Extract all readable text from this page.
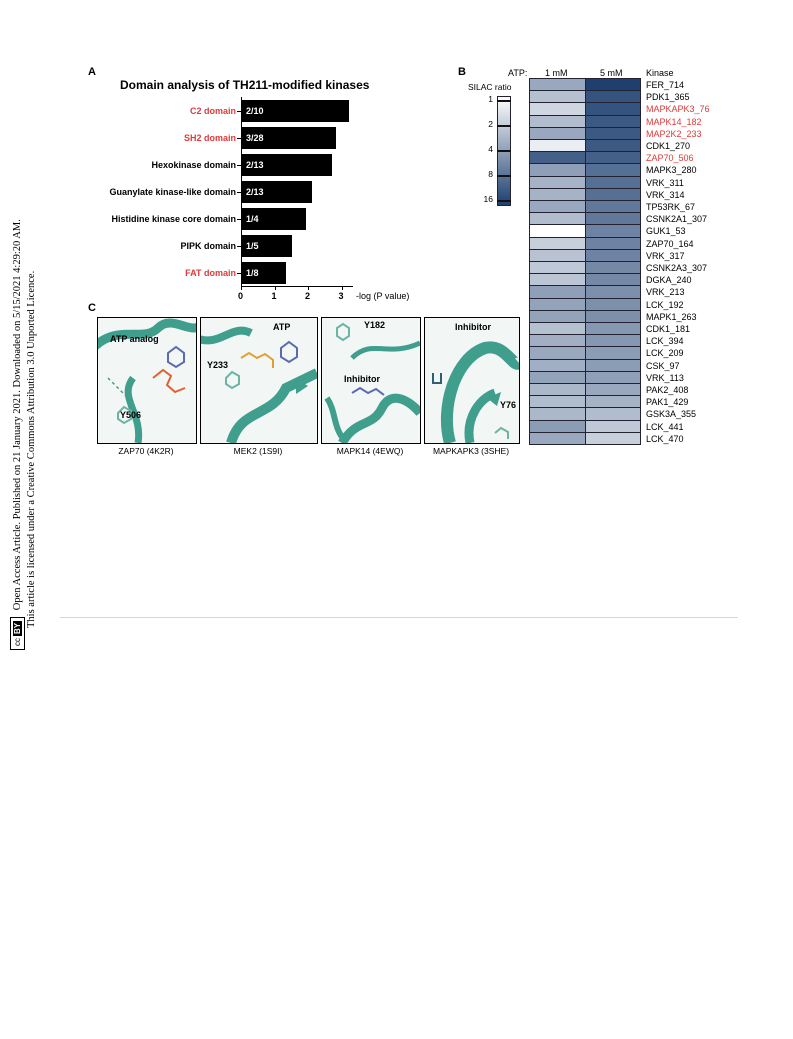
ccBY Open Access Article. Published on 21 January 2021. Downloaded on 5/15/2021 4:29:20 AM. This article is licensed under a Creative Commons Attribution 3.0 Unported Licence.
A
Domain analysis of TH211-modified kinases
C2 domain	2/10
SH2 domain	3/28
Hexokinase domain	2/13
Guanylate kinase-like domain	2/13
Histidine kinase core domain	1/4
PIPK domain	1/5
FAT domain	1/8
0	1	2	3 -log (P value)
B	ATP: 1 mM	5 mM	Kinase
SILAC ratio
1
2
4
8
16
FER_714
PDK1_365
MAPKAPK3_76
MAPK14_182
MAP2K2_233
CDK1_270
ZAP70_506
MAPK3_280
VRK_311
VRK_314
TP53RK_67
CSNK2A1_307
GUK1_53
ZAP70_164
VRK_317
CSNK2A3_307
DGKA_240
VRK_213
LCK_192
MAPK1_263
CDK1_181
LCK_394
LCK_209
CSK_97
VRK_113
PAK2_408
PAK1_429
GSK3A_355
LCK_441
LCK_470
C
ATP analog
Y506
ZAP70 (4K2R)
ATP
Y233
MEK2 (1S9I)
Y182
Inhibitor
MAPK14 (4EWQ)
Inhibitor
Y76
MAPKAPK3 (3SHE)
